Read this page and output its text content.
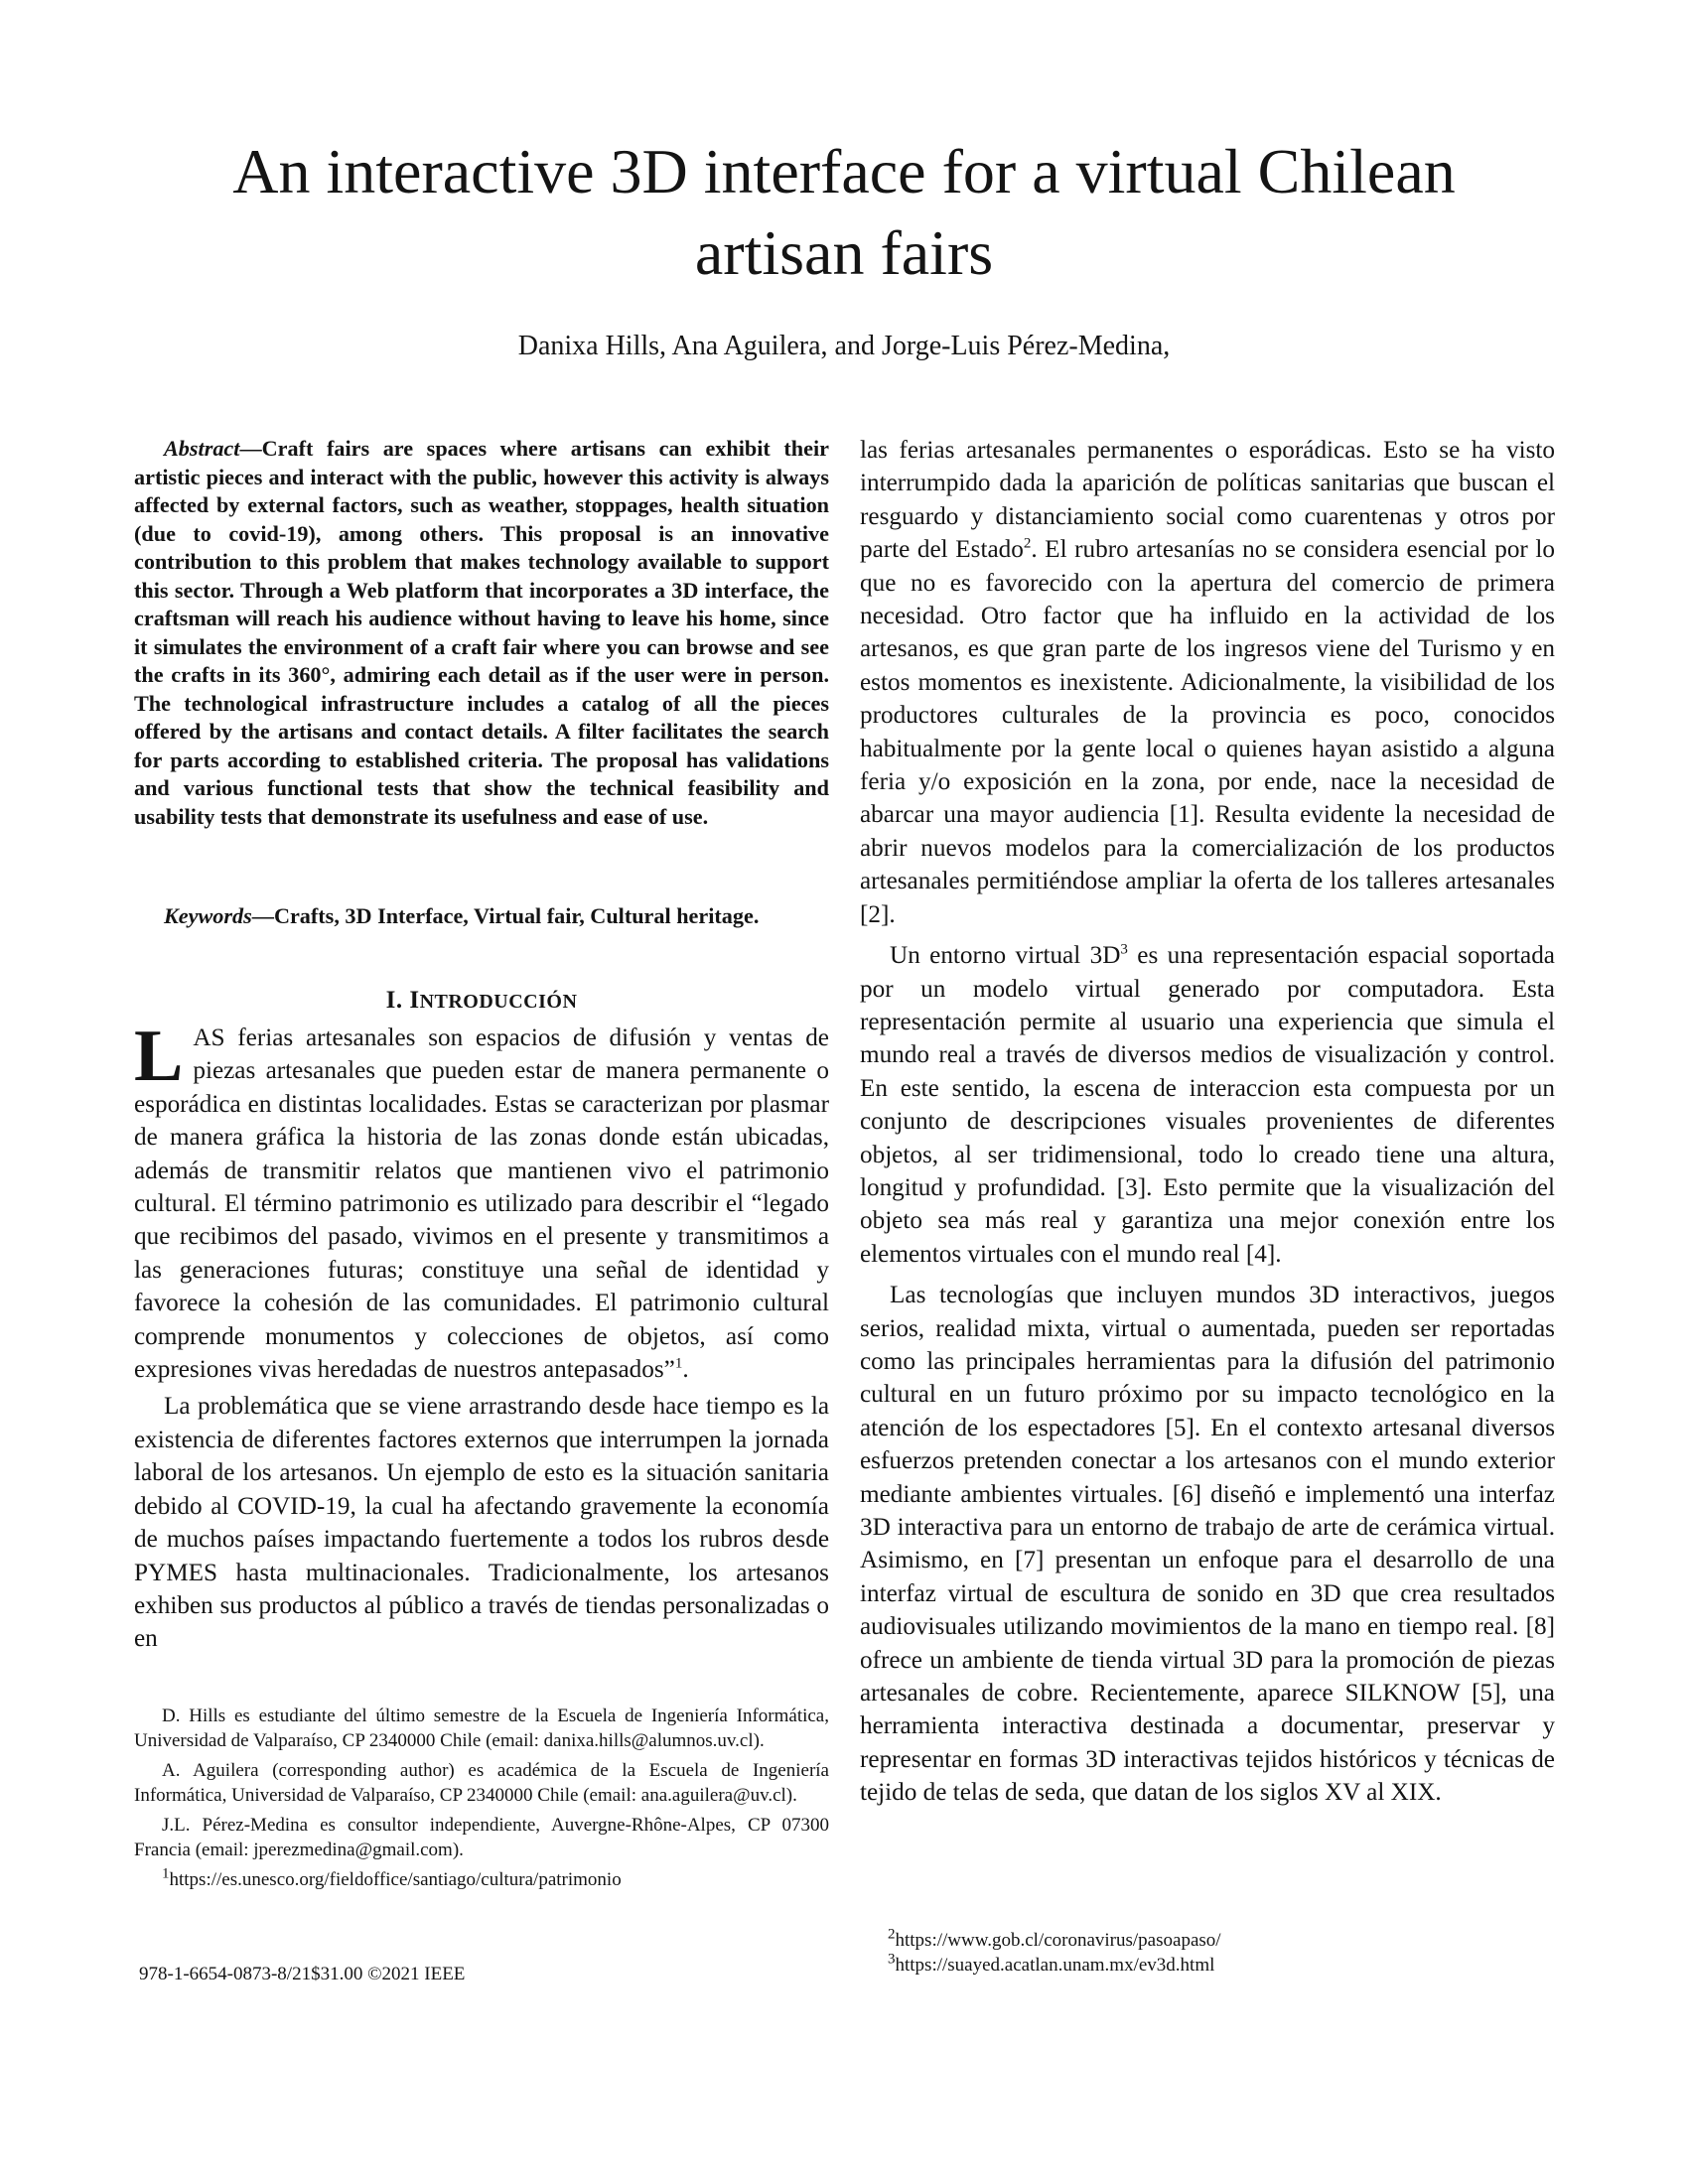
An interactive 3D interface for a virtual Chilean
artisan fairs

Danixa Hills, Ana Aguilera, and Jorge-Luis Pérez-Medina,

Abstract—Craft fairs are spaces where artisans can exhibit their artistic pieces and interact with the public, however this activity is always affected by external factors, such as weather, stoppages, health situation (due to covid-19), among others. This proposal is an innovative contribution to this problem that makes technology available to support this sector. Through a Web platform that incorporates a 3D interface, the craftsman will reach his audience without having to leave his home, since it simulates the environment of a craft fair where you can browse and see the crafts in its 360°, admiring each detail as if the user were in person. The technological infrastructure includes a catalog of all the pieces offered by the artisans and contact details. A filter facilitates the search for parts according to established criteria. The proposal has validations and various functional tests that show the technical feasibility and usability tests that demonstrate its usefulness and ease of use.

Keywords—Crafts, 3D Interface, Virtual fair, Cultural heritage.

I. INTRODUCCIÓN

LAS ferias artesanales son espacios de difusión y ventas de piezas artesanales que pueden estar de manera permanente o esporádica en distintas localidades. Estas se caracterizan por plasmar de manera gráfica la historia de las zonas donde están ubicadas, además de transmitir relatos que mantienen vivo el patrimonio cultural. El término patrimonio es utilizado para describir el “legado que recibimos del pasado, vivimos en el presente y transmitimos a las generaciones futuras; constituye una señal de identidad y favorece la cohesión de las comunidades. El patrimonio cultural comprende monumentos y colecciones de objetos, así como expresiones vivas heredadas de nuestros antepasados”$^1$.

La problemática que se viene arrastrando desde hace tiempo es la existencia de diferentes factores externos que interrumpen la jornada laboral de los artesanos. Un ejemplo de esto es la situación sanitaria debido al COVID-19, la cual ha afectando gravemente la economía de muchos países impactando fuertemente a todos los rubros desde PYMES hasta multinacionales. Tradicionalmente, los artesanos exhiben sus productos al público a través de tiendas personalizadas o en

D. Hills es estudiante del último semestre de la Escuela de Ingeniería Informática, Universidad de Valparaíso, CP 2340000 Chile (email: danixa.hills@alumnos.uv.cl).

A. Aguilera (corresponding author) es académica de la Escuela de Ingeniería Informática, Universidad de Valparaíso, CP 2340000 Chile (email: ana.aguilera@uv.cl).

J.L. Pérez-Medina es consultor independiente, Auvergne-Rhône-Alpes, CP 07300 Francia (email: jperezmedina@gmail.com).

$^1$https://es.unesco.org/fieldoffice/santiago/cultura/patrimonio

978-1-6654-0873-8/21$31.00 ©2021 IEEE

las ferias artesanales permanentes o esporádicas. Esto se ha visto interrumpido dada la aparición de políticas sanitarias que buscan el resguardo y distanciamiento social como cuarentenas y otros por parte del Estado$^2$. El rubro artesanías no se considera esencial por lo que no es favorecido con la apertura del comercio de primera necesidad. Otro factor que ha influido en la actividad de los artesanos, es que gran parte de los ingresos viene del Turismo y en estos momentos es inexistente. Adicionalmente, la visibilidad de los productores culturales de la provincia es poco, conocidos habitualmente por la gente local o quienes hayan asistido a alguna feria y/o exposición en la zona, por ende, nace la necesidad de abarcar una mayor audiencia [1]. Resulta evidente la necesidad de abrir nuevos modelos para la comercialización de los productos artesanales permitiéndose ampliar la oferta de los talleres artesanales [2].

Un entorno virtual $3D^3$ es una representación espacial soportada por un modelo virtual generado por computadora. Esta representación permite al usuario una experiencia que simula el mundo real a través de diversos medios de visualización y control. En este sentido, la escena de interaccion esta compuesta por un conjunto de descripciones visuales provenientes de diferentes objetos, al ser tridimensional, todo lo creado tiene una altura, longitud y profundidad. [3]. Esto permite que la visualización del objeto sea más real y garantiza una mejor conexión entre los elementos virtuales con el mundo real [4].

Las tecnologías que incluyen mundos 3D interactivos, juegos serios, realidad mixta, virtual o aumentada, pueden ser reportadas como las principales herramientas para la difusión del patrimonio cultural en un futuro próximo por su impacto tecnológico en la atención de los espectadores [5]. En el contexto artesanal diversos esfuerzos pretenden conectar a los artesanos con el mundo exterior mediante ambientes virtuales. [6] diseñó e implementó una interfaz 3D interactiva para un entorno de trabajo de arte de cerámica virtual. Asimismo, en [7] presentan un enfoque para el desarrollo de una interfaz virtual de escultura de sonido en 3D que crea resultados audiovisuales utilizando movimientos de la mano en tiempo real. [8] ofrece un ambiente de tienda virtual 3D para la promoción de piezas artesanales de cobre. Recientemente, aparece SILKNOW [5], una herramienta interactiva destinada a documentar, preservar y representar en formas 3D interactivas tejidos históricos y técnicas de tejido de telas de seda, que datan de los siglos XV al XIX.

$^2$https://www.gob.cl/coronavirus/pasoapaso/

$^3$https://suayed.acatlan.unam.mx/ev3d.html
